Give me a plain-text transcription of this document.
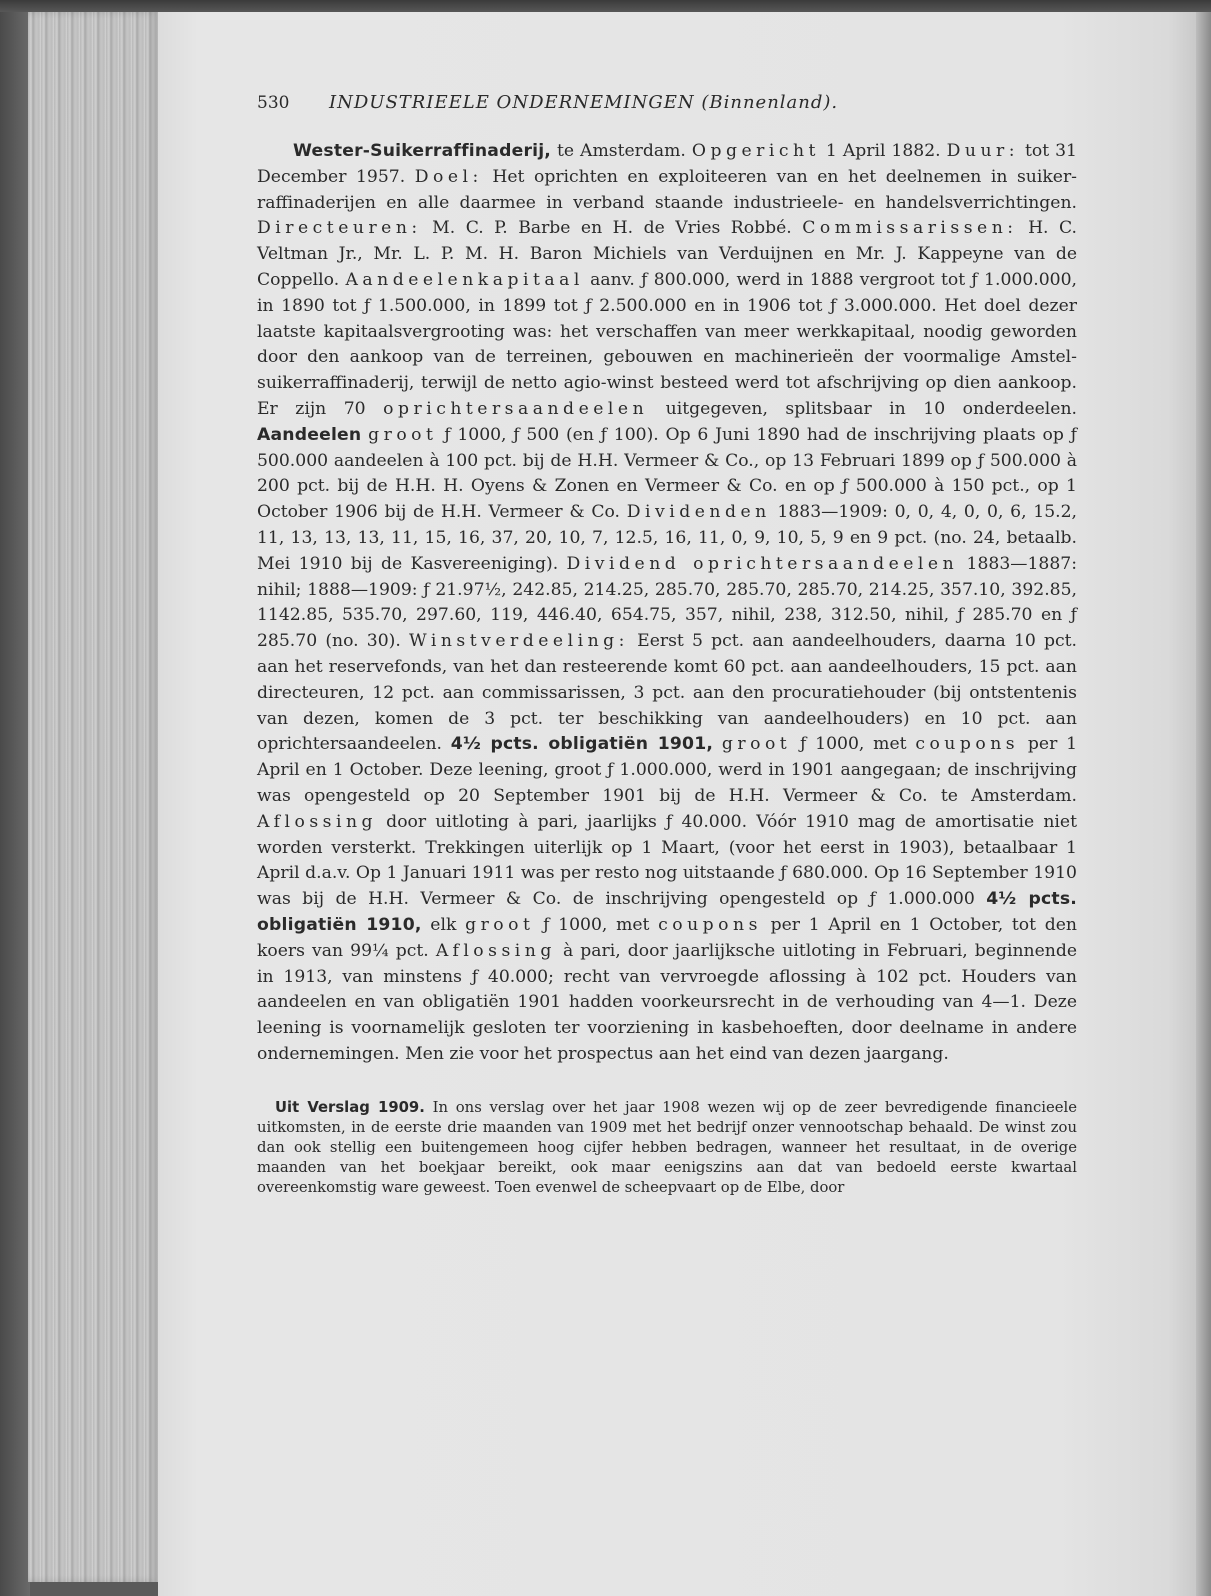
530	INDUSTRIEELE ONDERNEMINGEN (Binnenland).

Wester-Suikerraffinaderij, te Amsterdam. Opgericht 1 April 1882. Duur: tot 31 December 1957. Doel: Het oprichten en exploiteeren van en het deelnemen in suiker-raffinaderijen en alle daarmee in verband staande industrieele- en handelsverrichtingen. Directeuren: M. C. P. Barbe en H. de Vries Robbé. Commissarissen: H. C. Veltman Jr., Mr. L. P. M. H. Baron Michiels van Verduijnen en Mr. J. Kappeyne van de Coppello. Aandeelenkapitaal aanv. ƒ 800.000, werd in 1888 vergroot tot ƒ 1.000.000, in 1890 tot ƒ 1.500.000, in 1899 tot ƒ 2.500.000 en in 1906 tot ƒ 3.000.000. Het doel dezer laatste kapitaalsvergrooting was: het verschaffen van meer werkkapitaal, noodig geworden door den aankoop van de terreinen, gebouwen en machinerieën der voormalige Amstel-suikerraffinaderij, terwijl de netto agio-winst besteed werd tot afschrijving op dien aankoop. Er zijn 70 oprichtersaandeelen uitgegeven, splitsbaar in 10 onderdeelen. Aandeelen groot ƒ 1000, ƒ 500 (en ƒ 100). Op 6 Juni 1890 had de inschrijving plaats op ƒ 500.000 aandeelen à 100 pct. bij de H.H. Vermeer & Co., op 13 Februari 1899 op ƒ 500.000 à 200 pct. bij de H.H. H. Oyens & Zonen en Vermeer & Co. en op ƒ 500.000 à 150 pct., op 1 October 1906 bij de H.H. Vermeer & Co. Dividenden 1883—1909: 0, 0, 4, 0, 0, 6, 15.2, 11, 13, 13, 13, 11, 15, 16, 37, 20, 10, 7, 12.5, 16, 11, 0, 9, 10, 5, 9 en 9 pct. (no. 24, betaalb. Mei 1910 bij de Kasvereeniging). Dividend oprichtersaandeelen 1883—1887: nihil; 1888—1909: ƒ 21.97½, 242.85, 214.25, 285.70, 285.70, 285.70, 214.25, 357.10, 392.85, 1142.85, 535.70, 297.60, 119, 446.40, 654.75, 357, nihil, 238, 312.50, nihil, ƒ 285.70 en ƒ 285.70 (no. 30). Winstverdeeling: Eerst 5 pct. aan aandeelhouders, daarna 10 pct. aan het reservefonds, van het dan resteerende komt 60 pct. aan aandeelhouders, 15 pct. aan directeuren, 12 pct. aan commissarissen, 3 pct. aan den procuratiehouder (bij ontstentenis van dezen, komen de 3 pct. ter beschikking van aandeelhouders) en 10 pct. aan oprichtersaandeelen. 4½ pcts. obligatiën 1901, groot ƒ 1000, met coupons per 1 April en 1 October. Deze leening, groot ƒ 1.000.000, werd in 1901 aangegaan; de inschrijving was opengesteld op 20 September 1901 bij de H.H. Vermeer & Co. te Amsterdam. Aflossing door uitloting à pari, jaarlijks ƒ 40.000. Vóór 1910 mag de amortisatie niet worden versterkt. Trekkingen uiterlijk op 1 Maart, (voor het eerst in 1903), betaalbaar 1 April d.a.v. Op 1 Januari 1911 was per resto nog uitstaande ƒ 680.000. Op 16 September 1910 was bij de H.H. Vermeer & Co. de inschrijving opengesteld op ƒ 1.000.000 4½ pcts. obligatiën 1910, elk groot ƒ 1000, met coupons per 1 April en 1 October, tot den koers van 99¼ pct. Aflossing à pari, door jaarlijksche uitloting in Februari, beginnende in 1913, van minstens ƒ 40.000; recht van vervroegde aflossing à 102 pct. Houders van aandeelen en van obligatiën 1901 hadden voorkeursrecht in de verhouding van 4—1. Deze leening is voornamelijk gesloten ter voorziening in kasbehoeften, door deelname in andere ondernemingen. Men zie voor het prospectus aan het eind van dezen jaargang.

Uit Verslag 1909. In ons verslag over het jaar 1908 wezen wij op de zeer bevredigende financieele uitkomsten, in de eerste drie maanden van 1909 met het bedrijf onzer vennootschap behaald. De winst zou dan ook stellig een buitengemeen hoog cijfer hebben bedragen, wanneer het resultaat, in de overige maanden van het boekjaar bereikt, ook maar eenigszins aan dat van bedoeld eerste kwartaal overeenkomstig ware geweest. Toen evenwel de scheepvaart op de Elbe, door
